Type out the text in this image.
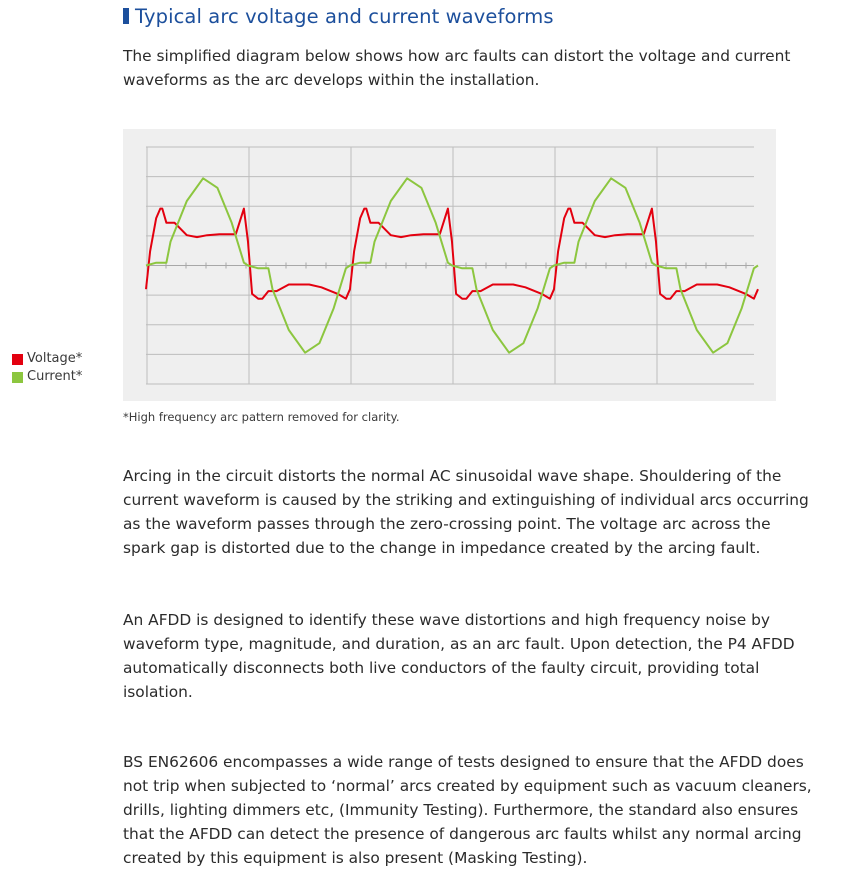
Typical arc voltage and current waveforms

The simplified diagram below shows how arc faults can distort the voltage and current waveforms as the arc develops within the installation.

Voltage*
Current*
*High frequency arc pattern removed for clarity.

Arcing in the circuit distorts the normal AC sinusoidal wave shape. Shouldering of the current waveform is caused by the striking and extinguishing of individual arcs occurring as the waveform passes through the zero-crossing point. The voltage arc across the spark gap is distorted due to the change in impedance created by the arcing fault.

An AFDD is designed to identify these wave distortions and high frequency noise by waveform type, magnitude, and duration, as an arc fault. Upon detection, the P4 AFDD automatically disconnects both live conductors of the faulty circuit, providing total isolation.

BS EN62606 encompasses a wide range of tests designed to ensure that the AFDD does not trip when subjected to ‘normal’ arcs created by equipment such as vacuum cleaners, drills, lighting dimmers etc, (Immunity Testing). Furthermore, the standard also ensures that the AFDD can detect the presence of dangerous arc faults whilst any normal arcing created by this equipment is also present (Masking Testing).
